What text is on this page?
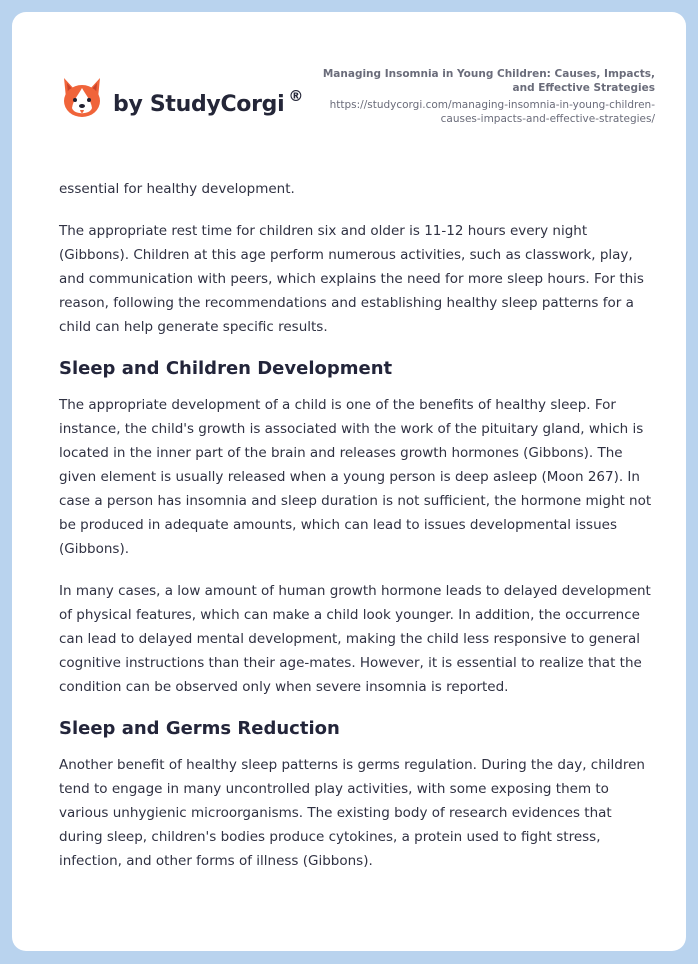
by StudyCorgi ®
Managing Insomnia in Young Children: Causes, Impacts, and Effective Strategies
https://studycorgi.com/managing-insomnia-in-young-children-causes-impacts-and-effective-strategies/

essential for healthy development.

The appropriate rest time for children six and older is 11-12 hours every night (Gibbons). Children at this age perform numerous activities, such as classwork, play, and communication with peers, which explains the need for more sleep hours. For this reason, following the recommendations and establishing healthy sleep patterns for a child can help generate specific results.

Sleep and Children Development

The appropriate development of a child is one of the benefits of healthy sleep. For instance, the child's growth is associated with the work of the pituitary gland, which is located in the inner part of the brain and releases growth hormones (Gibbons). The given element is usually released when a young person is deep asleep (Moon 267). In case a person has insomnia and sleep duration is not sufficient, the hormone might not be produced in adequate amounts, which can lead to issues developmental issues (Gibbons).

In many cases, a low amount of human growth hormone leads to delayed development of physical features, which can make a child look younger. In addition, the occurrence can lead to delayed mental development, making the child less responsive to general cognitive instructions than their age-mates. However, it is essential to realize that the condition can be observed only when severe insomnia is reported.

Sleep and Germs Reduction

Another benefit of healthy sleep patterns is germs regulation. During the day, children tend to engage in many uncontrolled play activities, with some exposing them to various unhygienic microorganisms. The existing body of research evidences that during sleep, children's bodies produce cytokines, a protein used to fight stress, infection, and other forms of illness (Gibbons).
